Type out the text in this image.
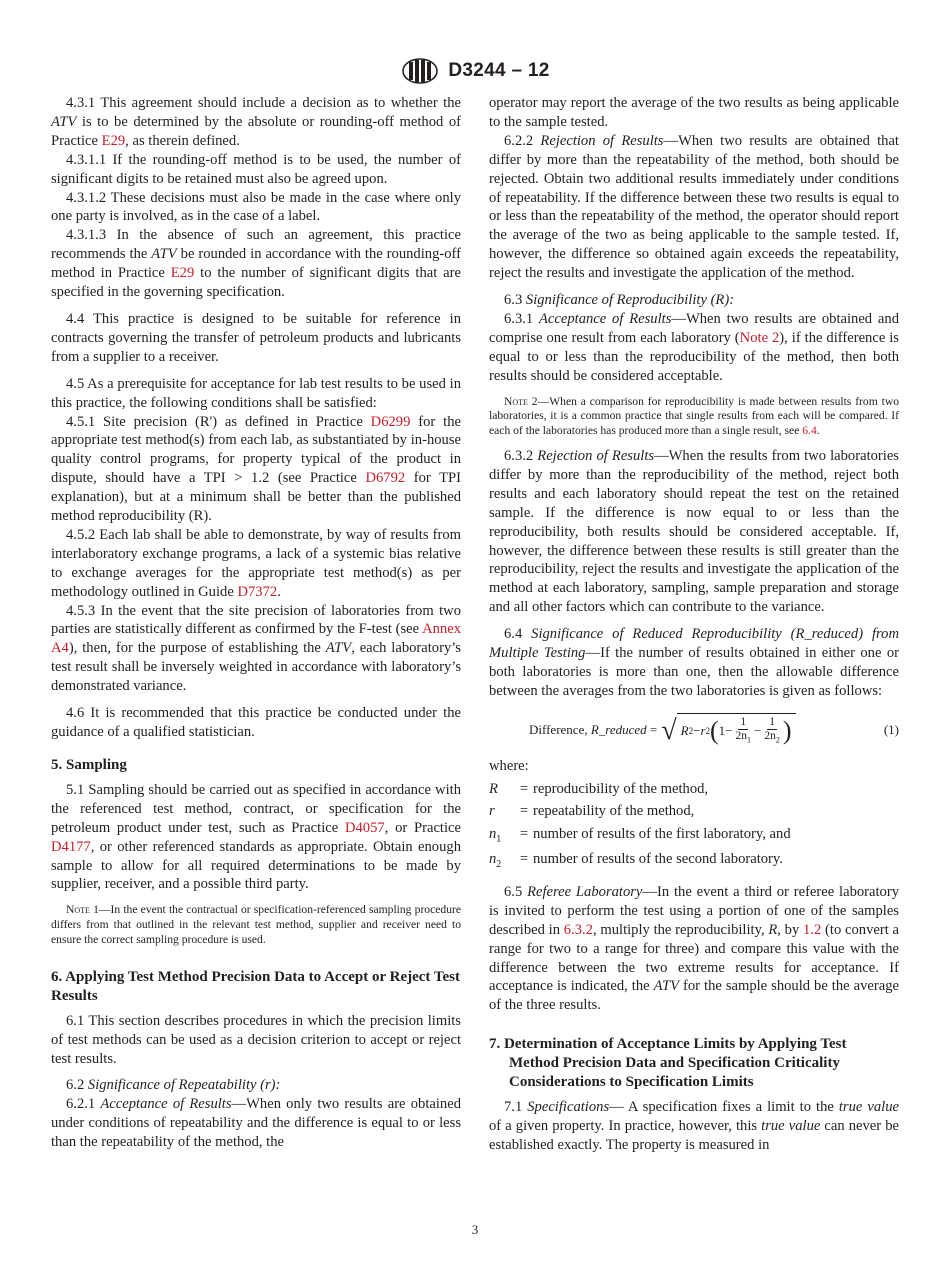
D3244 – 12

4.3.1 This agreement should include a decision as to whether the ATV is to be determined by the absolute or rounding-off method of Practice E29, as therein defined.

4.3.1.1 If the rounding-off method is to be used, the number of significant digits to be retained must also be agreed upon.

4.3.1.2 These decisions must also be made in the case where only one party is involved, as in the case of a label.

4.3.1.3 In the absence of such an agreement, this practice recommends the ATV be rounded in accordance with the rounding-off method in Practice E29 to the number of significant digits that are specified in the governing specification.

4.4 This practice is designed to be suitable for reference in contracts governing the transfer of petroleum products and lubricants from a supplier to a receiver.

4.5 As a prerequisite for acceptance for lab test results to be used in this practice, the following conditions shall be satisfied:

4.5.1 Site precision (R') as defined in Practice D6299 for the appropriate test method(s) from each lab, as substantiated by in-house quality control programs, for property typical of the product in dispute, should have a TPI > 1.2 (see Practice D6792 for TPI explanation), but at a minimum shall be better than the published method reproducibility (R).

4.5.2 Each lab shall be able to demonstrate, by way of results from interlaboratory exchange programs, a lack of a systemic bias relative to exchange averages for the appropriate test method(s) as per methodology outlined in Guide D7372.

4.5.3 In the event that the site precision of laboratories from two parties are statistically different as confirmed by the F-test (see Annex A4), then, for the purpose of establishing the ATV, each laboratory’s test result shall be inversely weighted in accordance with laboratory’s demonstrated variance.

4.6 It is recommended that this practice be conducted under the guidance of a qualified statistician.

5. Sampling

5.1 Sampling should be carried out as specified in accordance with the referenced test method, contract, or specification for the petroleum product under test, such as Practice D4057, or Practice D4177, or other referenced standards as appropriate. Obtain enough sample to allow for all required determinations to be made by supplier, receiver, and a possible third party.

Note 1—In the event the contractual or specification-referenced sampling procedure differs from that outlined in the relevant test method, supplier and receiver need to ensure the correct sampling procedure is used.
6. Applying Test Method Precision Data to Accept or Reject Test Results

6.1 This section describes procedures in which the precision limits of test methods can be used as a decision criterion to accept or reject test results.

6.2 Significance of Repeatability (r):

6.2.1 Acceptance of Results—When only two results are obtained under conditions of repeatability and the difference is equal to or less than the repeatability of the method, the

operator may report the average of the two results as being applicable to the sample tested.

6.2.2 Rejection of Results—When two results are obtained that differ by more than the repeatability of the method, both should be rejected. Obtain two additional results immediately under conditions of repeatability. If the difference between these two results is equal to or less than the repeatability of the method, the operator should report the average of the two as being applicable to the sample tested. If, however, the difference so obtained again exceeds the repeatability, reject the results and investigate the application of the method.

6.3 Significance of Reproducibility (R):

6.3.1 Acceptance of Results—When two results are obtained and comprise one result from each laboratory (Note 2), if the difference is equal to or less than the reproducibility of the method, then both results should be considered acceptable.

Note 2—When a comparison for reproducibility is made between results from two laboratories, it is a common practice that single results from each will be compared. If each of the laboratories has produced more than a single result, see 6.4.

6.3.2 Rejection of Results—When the results from two laboratories differ by more than the reproducibility of the method, reject both results and each laboratory should repeat the test on the retained sample. If the difference is now equal to or less than the reproducibility, both results should be considered acceptable. If, however, the difference between these results is still greater than the reproducibility, reject the results and investigate the application of the method at each laboratory, sampling, sample preparation and storage and all other factors which can contribute to the variance.

6.4 Significance of Reduced Reproducibility (R_reduced) from Multiple Testing—If the number of results obtained in either one or both laboratories is more than one, then the allowable difference between the averages from the two laboratories is given as follows:

Difference, R_reduced = √ R 2 − r 2 ( $1 - \frac{1}{2n_1} - \frac{1}{2n_2}$ )	(1)
where:
R	= reproducibility of the method,
r	= repeatability of the method,
$n_1$	= number of results of the first laboratory, and
$n_2$	= number of results of the second laboratory.

6.5 Referee Laboratory—In the event a third or referee laboratory is invited to perform the test using a portion of one of the samples described in 6.3.2, multiply the reproducibility, R, by 1.2 (to convert a range for two to a range for three) and compare this value with the difference between the two extreme results for acceptance. If acceptance is indicated, the ATV for the sample should be the average of the three results.

7. Determination of Acceptance Limits by Applying Test Method Precision Data and Specification Criticality Considerations to Specification Limits

7.1 Specifications— A specification fixes a limit to the true value of a given property. In practice, however, this true value can never be established exactly. The property is measured in

3
